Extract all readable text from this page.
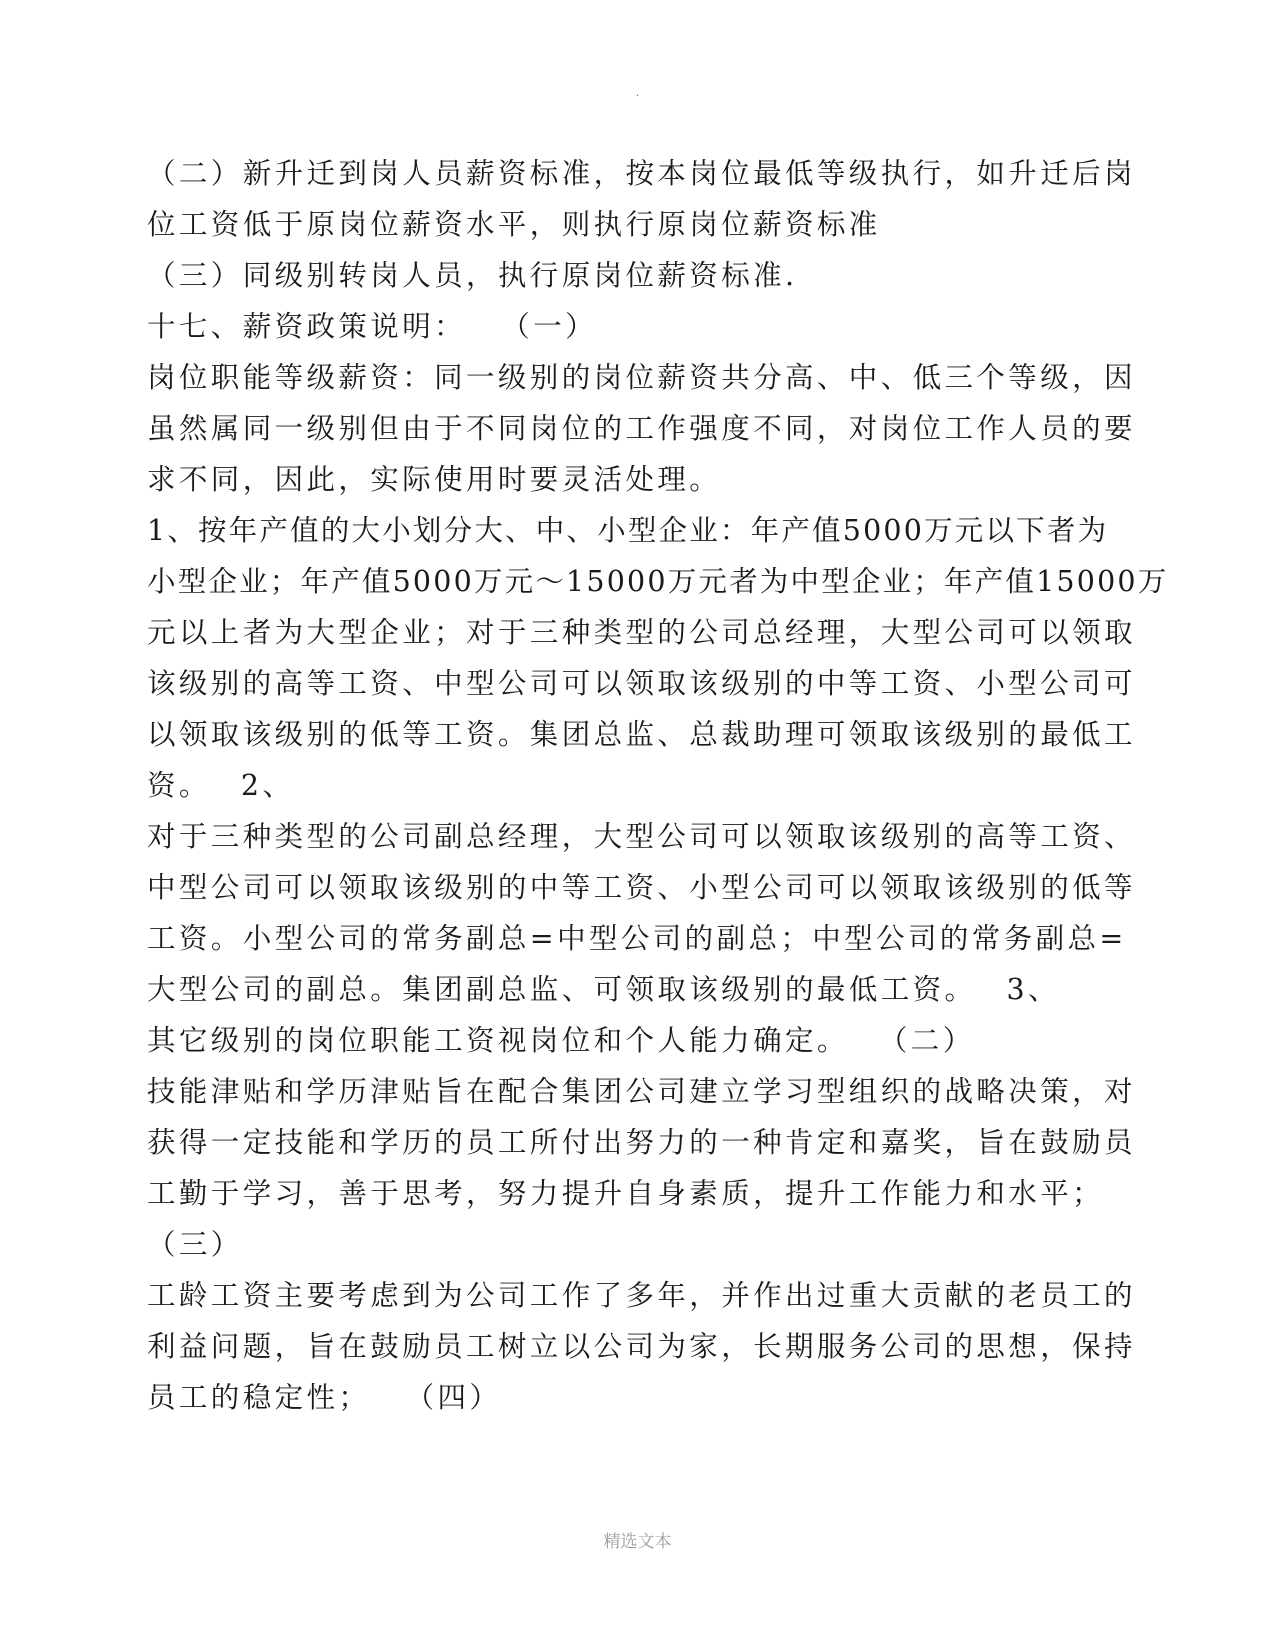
.

（二）新升迁到岗人员薪资标准，按本岗位最低等级执行，如升迁后岗

位工资低于原岗位薪资水平，则执行原岗位薪资标准

（三）同级别转岗人员，执行原岗位薪资标准.

十七、薪资政策说明：　　（一）

岗位职能等级薪资：同一级别的岗位薪资共分高、中、低三个等级，因

虽然属同一级别但由于不同岗位的工作强度不同，对岗位工作人员的要

求不同，因此，实际使用时要灵活处理。

1、按年产值的大小划分大、中、小型企业：年产值5000万元以下者为

小型企业；年产值5000万元～15000万元者为中型企业；年产值15000万

元以上者为大型企业；对于三种类型的公司总经理，大型公司可以领取

该级别的高等工资、中型公司可以领取该级别的中等工资、小型公司可

以领取该级别的低等工资。集团总监、总裁助理可领取该级别的最低工

资。　 2、

对于三种类型的公司副总经理，大型公司可以领取该级别的高等工资、

中型公司可以领取该级别的中等工资、小型公司可以领取该级别的低等

工资。小型公司的常务副总=中型公司的副总；中型公司的常务副总=

大型公司的副总。集团副总监、可领取该级别的最低工资。　 3、

其它级别的岗位职能工资视岗位和个人能力确定。　 （二）

技能津贴和学历津贴旨在配合集团公司建立学习型组织的战略决策，对

获得一定技能和学历的员工所付出努力的一种肯定和嘉奖，旨在鼓励员

工勤于学习，善于思考，努力提升自身素质，提升工作能力和水平；

（三）

工龄工资主要考虑到为公司工作了多年，并作出过重大贡献的老员工的

利益问题，旨在鼓励员工树立以公司为家，长期服务公司的思想，保持

员工的稳定性；　　（四）

精选文本
